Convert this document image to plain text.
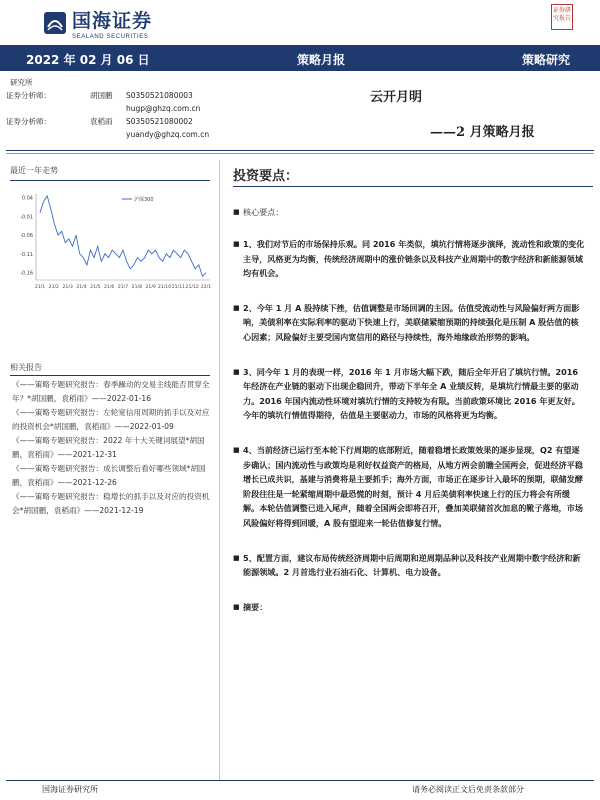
国海证券
SEALAND SECURITIES
证券研究报告
2022 年 02 月 06 日	策略月报	策略研究
研究所
证券分析师：	胡国鹏	S0350521080003
hugp@ghzq.com.cn
证券分析师：	袁稻雨	S0350521080002
yuandy@ghzq.com.cn
云开月明
——2 月策略月报
最近一年走势
0.04
-0.01
-0.06
-0.11
-0.16
21/1 21/2 21/3 21/4 21/5 21/6 21/7 21/8 21/9 21/10 21/11 21/12 22/1
沪深300
相关报告
《——策略专题研究报告：春季躁动的交易主线能否贯穿全年？*胡国鹏，袁稻雨》——2022-01-16
《——策略专题研究报告：左轮宽信用周期的抓手以及对应的投资机会*胡国鹏，袁稻雨》——2022-01-09
《——策略专题研究报告：2022 年十大关键词展望*胡国鹏，袁稻雨》——2021-12-31
《——策略专题研究报告：成长调整后看好哪些领域*胡国鹏，袁稻雨》——2021-12-26
《——策略专题研究报告：稳增长的抓手以及对应的投资机会*胡国鹏，袁稻雨》——2021-12-19
投资要点：
■ 核心要点：
■ 1、我们对节后的市场保持乐观。同 2016 年类似，填坑行情将逐步演绎，流动性和政策的变化主导，风格更为均衡，传统经济周期中的涨价链条以及科技产业周期中的数字经济和新能源领域均有机会。
■ 2、今年 1 月 A 股持续下挫，估值调整是市场回调的主因。估值受流动性与风险偏好两方面影响，美债利率在实际利率的驱动下快速上行，美联储紧缩预期的持续强化是压制 A 股估值的核心因素；风险偏好主要受国内宽信用的路径与持续性，海外地缘政治形势的影响。
■ 3、同今年 1 月的表现一样，2016 年 1 月市场大幅下跌，随后全年开启了填坑行情。2016 年经济在产业链的驱动下出现企稳回升，带动下半年全 A 业绩反转，是填坑行情最主要的驱动力。2016 年国内流动性环境对填坑行情的支持较为有限。当前政策环境比 2016 年更友好。今年的填坑行情值得期待，估值是主要驱动力，市场的风格将更为均衡。
■ 4、当前经济已运行至本轮下行周期的底部附近，随着稳增长政策效果的逐步显现，Q2 有望逐步确认；国内流动性与政策均是利好权益资产的格局，从地方两会前瞻全国两会，促进经济平稳增长已成共识，基建与消费将是主要抓手；海外方面，市场正在逐步计入最坏的预期，联储发酵阶段往往是一轮紧缩周期中最恐慌的时刻，预计 4 月后美债利率快速上行的压力将会有所缓解。本轮估值调整已进入尾声，随着全国两会即将召开，叠加美联储首次加息的靴子落地，市场风险偏好将得到回暖，A 股有望迎来一轮估值修复行情。
■ 5、配置方面，建议布局传统经济周期中后周期和逆周期品种以及科技产业周期中数字经济和新能源领域。2 月首选行业石油石化、计算机、电力设备。
■ 摘要：
国海证券研究所	请务必阅读正文后免责条款部分
